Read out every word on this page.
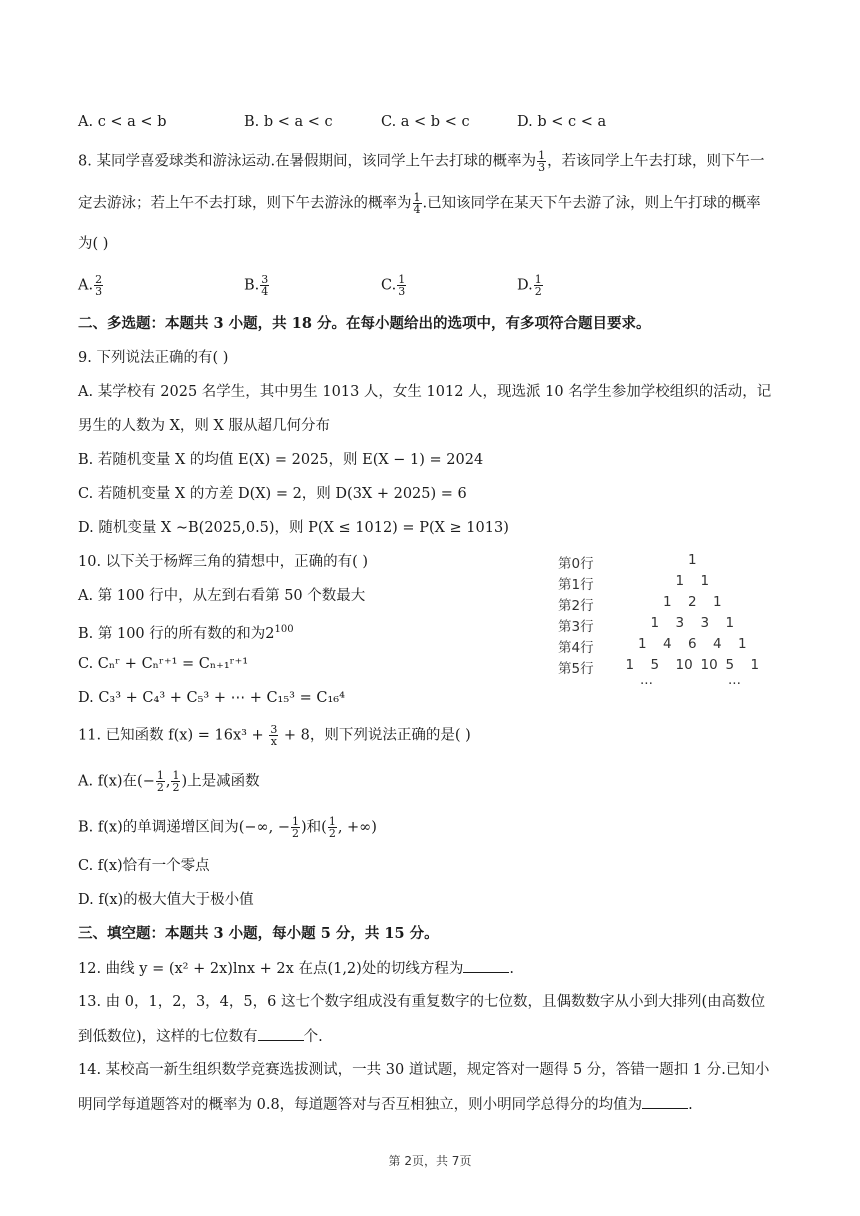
A. c < a < b	B. b < a < c	C. a < b < c	D. b < c < a
8. 某同学喜爱球类和游泳运动.在暑假期间，该同学上午去打球的概率为 $\frac{1}{3}$ ，若该同学上午去打球，则下午一
定去游泳；若上午不去打球，则下午去游泳的概率为 $\frac{1}{4}$ .已知该同学在某天下午去游了泳，则上午打球的概率
为( )
A. $\frac{2}{3}$	B. $\frac{3}{4}$	C. $\frac{1}{3}$	D. $\frac{1}{2}$
二、多选题：本题共 3 小题，共 18 分。在每小题给出的选项中，有多项符合题目要求。
9. 下列说法正确的有( )
A. 某学校有 2025 名学生，其中男生 1013 人，女生 1012 人，现选派 10 名学生参加学校组织的活动，记
男生的人数为 X，则 X 服从超几何分布
B. 若随机变量 X 的均值 E(X) = 2025，则 E(X − 1) = 2024
C. 若随机变量 X 的方差 D(X) = 2，则 D(3X + 2025) = 6
D. 随机变量 X ∼B(2025,0.5)，则 P(X ≤ 1012) = P(X ≥ 1013)
10. 以下关于杨辉三角的猜想中，正确的有( )
A. 第 100 行中，从左到右看第 50 个数最大
B. 第 100 行的所有数的和为$2^{100}$
C. Cₙʳ + Cₙʳ⁺¹ = Cₙ₊₁ʳ⁺¹
D. C₃³ + C₄³ + C₅³ + ⋯ + C₁₅³ = C₁₆⁴
第0行	1
第1行	1 1
第2行	1 2 1
第3行	1 3 3 1
第4行	1 4 6 4 1
第5行 1 5 10 10 5 1
···	···
11. 已知函数 $f(x) = 16x^3 + \frac{3}{x} + 8$，则下列说法正确的是( )
A. f(x)在(− $\frac{1}{2}$ , $\frac{1}{2}$ )上是减函数
B. f(x)的单调递增区间为(−∞, − $\frac{1}{2}$ )和( $\frac{1}{2}$ , +∞)
C. f(x)恰有一个零点
D. f(x)的极大值大于极小值
三、填空题：本题共 3 小题，每小题 5 分，共 15 分。
12. 曲线 y = (x² + 2x)lnx + 2x 在点(1,2)处的切线方程为	.
13. 由 0，1，2，3，4，5，6 这七个数字组成没有重复数字的七位数，且偶数数字从小到大排列(由高数位
到低数位)，这样的七位数有	个.
14. 某校高一新生组织数学竞赛选拔测试，一共 30 道试题，规定答对一题得 5 分，答错一题扣 1 分.已知小
明同学每道题答对的概率为 0.8，每道题答对与否互相独立，则小明同学总得分的均值为	.
第 2页，共 7页
